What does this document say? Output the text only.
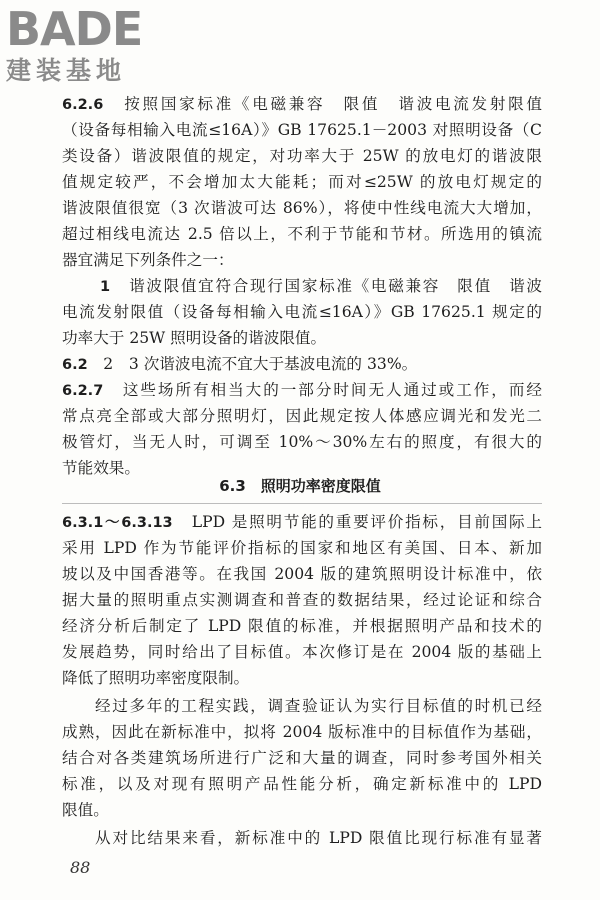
BADE
建装基地
6.2.6　 按照国家标准《电磁兼容　限值　谐波电流发射限值
（设备每相输入电流≤16A）》GB 17625.1－2003 对照明设备（C
类设备）谐波限值的规定，对功率大于 25W 的放电灯的谐波限
值规定较严，不会增加太大能耗；而对≤25W 的放电灯规定的
谐波限值很宽（3 次谐波可达 86%），将使中性线电流大大增加，
超过相线电流达 2.5 倍以上，不利于节能和节材。所选用的镇流
器宜满足下列条件之一：
1　 谐波限值宜符合现行国家标准《电磁兼容　限值　谐波
电流发射限值（设备每相输入电流≤16A）》GB 17625.1 规定的
功率大于 25W 照明设备的谐波限值。
6.2　 2　 3 次谐波电流不宜大于基波电流的 33%。
6.2.7　 这些场所有相当大的一部分时间无人通过或工作，而经
常点亮全部或大部分照明灯，因此规定按人体感应调光和发光二
极管灯，当无人时，可调至 10%～30%左右的照度，有很大的
节能效果。
6.3　照明功率密度限值
6.3.1～6.3.13　 LPD 是照明节能的重要评价指标，目前国际上
采用 LPD 作为节能评价指标的国家和地区有美国、日本、新加
坡以及中国香港等。在我国 2004 版的建筑照明设计标准中，依
据大量的照明重点实测调查和普查的数据结果，经过论证和综合
经济分析后制定了 LPD 限值的标准，并根据照明产品和技术的
发展趋势，同时给出了目标值。本次修订是在 2004 版的基础上
降低了照明功率密度限制。
经过多年的工程实践，调查验证认为实行目标值的时机已经
成熟，因此在新标准中，拟将 2004 版标准中的目标值作为基础，
结合对各类建筑场所进行广泛和大量的调查，同时参考国外相关
标准，以及对现有照明产品性能分析，确定新标准中的 LPD
限值。
从对比结果来看，新标准中的 LPD 限值比现行标准有显著
88
